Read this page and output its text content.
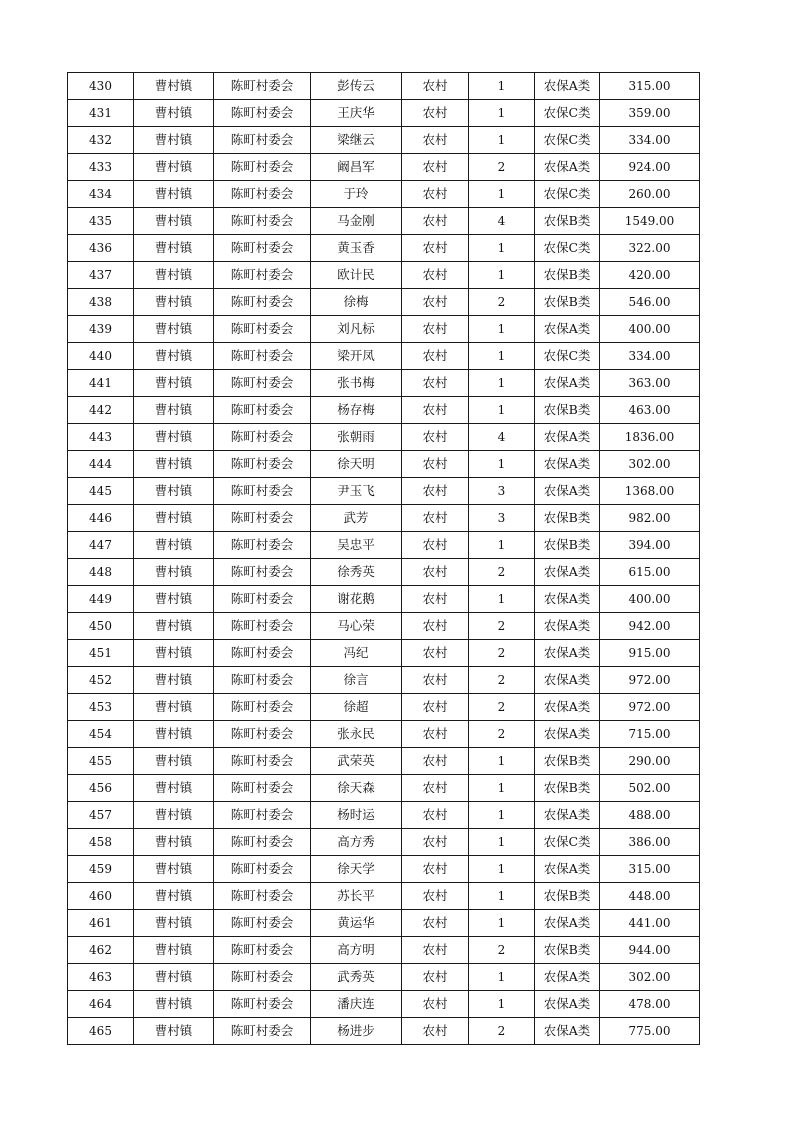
430	曹村镇	陈町村委会	彭传云	农村	1	农保A类	315.00
431	曹村镇	陈町村委会	王庆华	农村	1	农保C类	359.00
432	曹村镇	陈町村委会	梁继云	农村	1	农保C类	334.00
433	曹村镇	陈町村委会	阚昌军	农村	2	农保A类	924.00
434	曹村镇	陈町村委会	于玲	农村	1	农保C类	260.00
435	曹村镇	陈町村委会	马金刚	农村	4	农保B类	1549.00
436	曹村镇	陈町村委会	黄玉香	农村	1	农保C类	322.00
437	曹村镇	陈町村委会	欧计民	农村	1	农保B类	420.00
438	曹村镇	陈町村委会	徐梅	农村	2	农保B类	546.00
439	曹村镇	陈町村委会	刘凡标	农村	1	农保A类	400.00
440	曹村镇	陈町村委会	梁开凤	农村	1	农保C类	334.00
441	曹村镇	陈町村委会	张书梅	农村	1	农保A类	363.00
442	曹村镇	陈町村委会	杨存梅	农村	1	农保B类	463.00
443	曹村镇	陈町村委会	张朝雨	农村	4	农保A类	1836.00
444	曹村镇	陈町村委会	徐天明	农村	1	农保A类	302.00
445	曹村镇	陈町村委会	尹玉飞	农村	3	农保A类	1368.00
446	曹村镇	陈町村委会	武芳	农村	3	农保B类	982.00
447	曹村镇	陈町村委会	吴忠平	农村	1	农保B类	394.00
448	曹村镇	陈町村委会	徐秀英	农村	2	农保A类	615.00
449	曹村镇	陈町村委会	谢花鹅	农村	1	农保A类	400.00
450	曹村镇	陈町村委会	马心荣	农村	2	农保A类	942.00
451	曹村镇	陈町村委会	冯纪	农村	2	农保A类	915.00
452	曹村镇	陈町村委会	徐言	农村	2	农保A类	972.00
453	曹村镇	陈町村委会	徐超	农村	2	农保A类	972.00
454	曹村镇	陈町村委会	张永民	农村	2	农保A类	715.00
455	曹村镇	陈町村委会	武荣英	农村	1	农保B类	290.00
456	曹村镇	陈町村委会	徐天森	农村	1	农保B类	502.00
457	曹村镇	陈町村委会	杨时运	农村	1	农保A类	488.00
458	曹村镇	陈町村委会	高方秀	农村	1	农保C类	386.00
459	曹村镇	陈町村委会	徐天学	农村	1	农保A类	315.00
460	曹村镇	陈町村委会	苏长平	农村	1	农保B类	448.00
461	曹村镇	陈町村委会	黄运华	农村	1	农保A类	441.00
462	曹村镇	陈町村委会	高方明	农村	2	农保B类	944.00
463	曹村镇	陈町村委会	武秀英	农村	1	农保A类	302.00
464	曹村镇	陈町村委会	潘庆连	农村	1	农保A类	478.00
465	曹村镇	陈町村委会	杨进步	农村	2	农保A类	775.00
